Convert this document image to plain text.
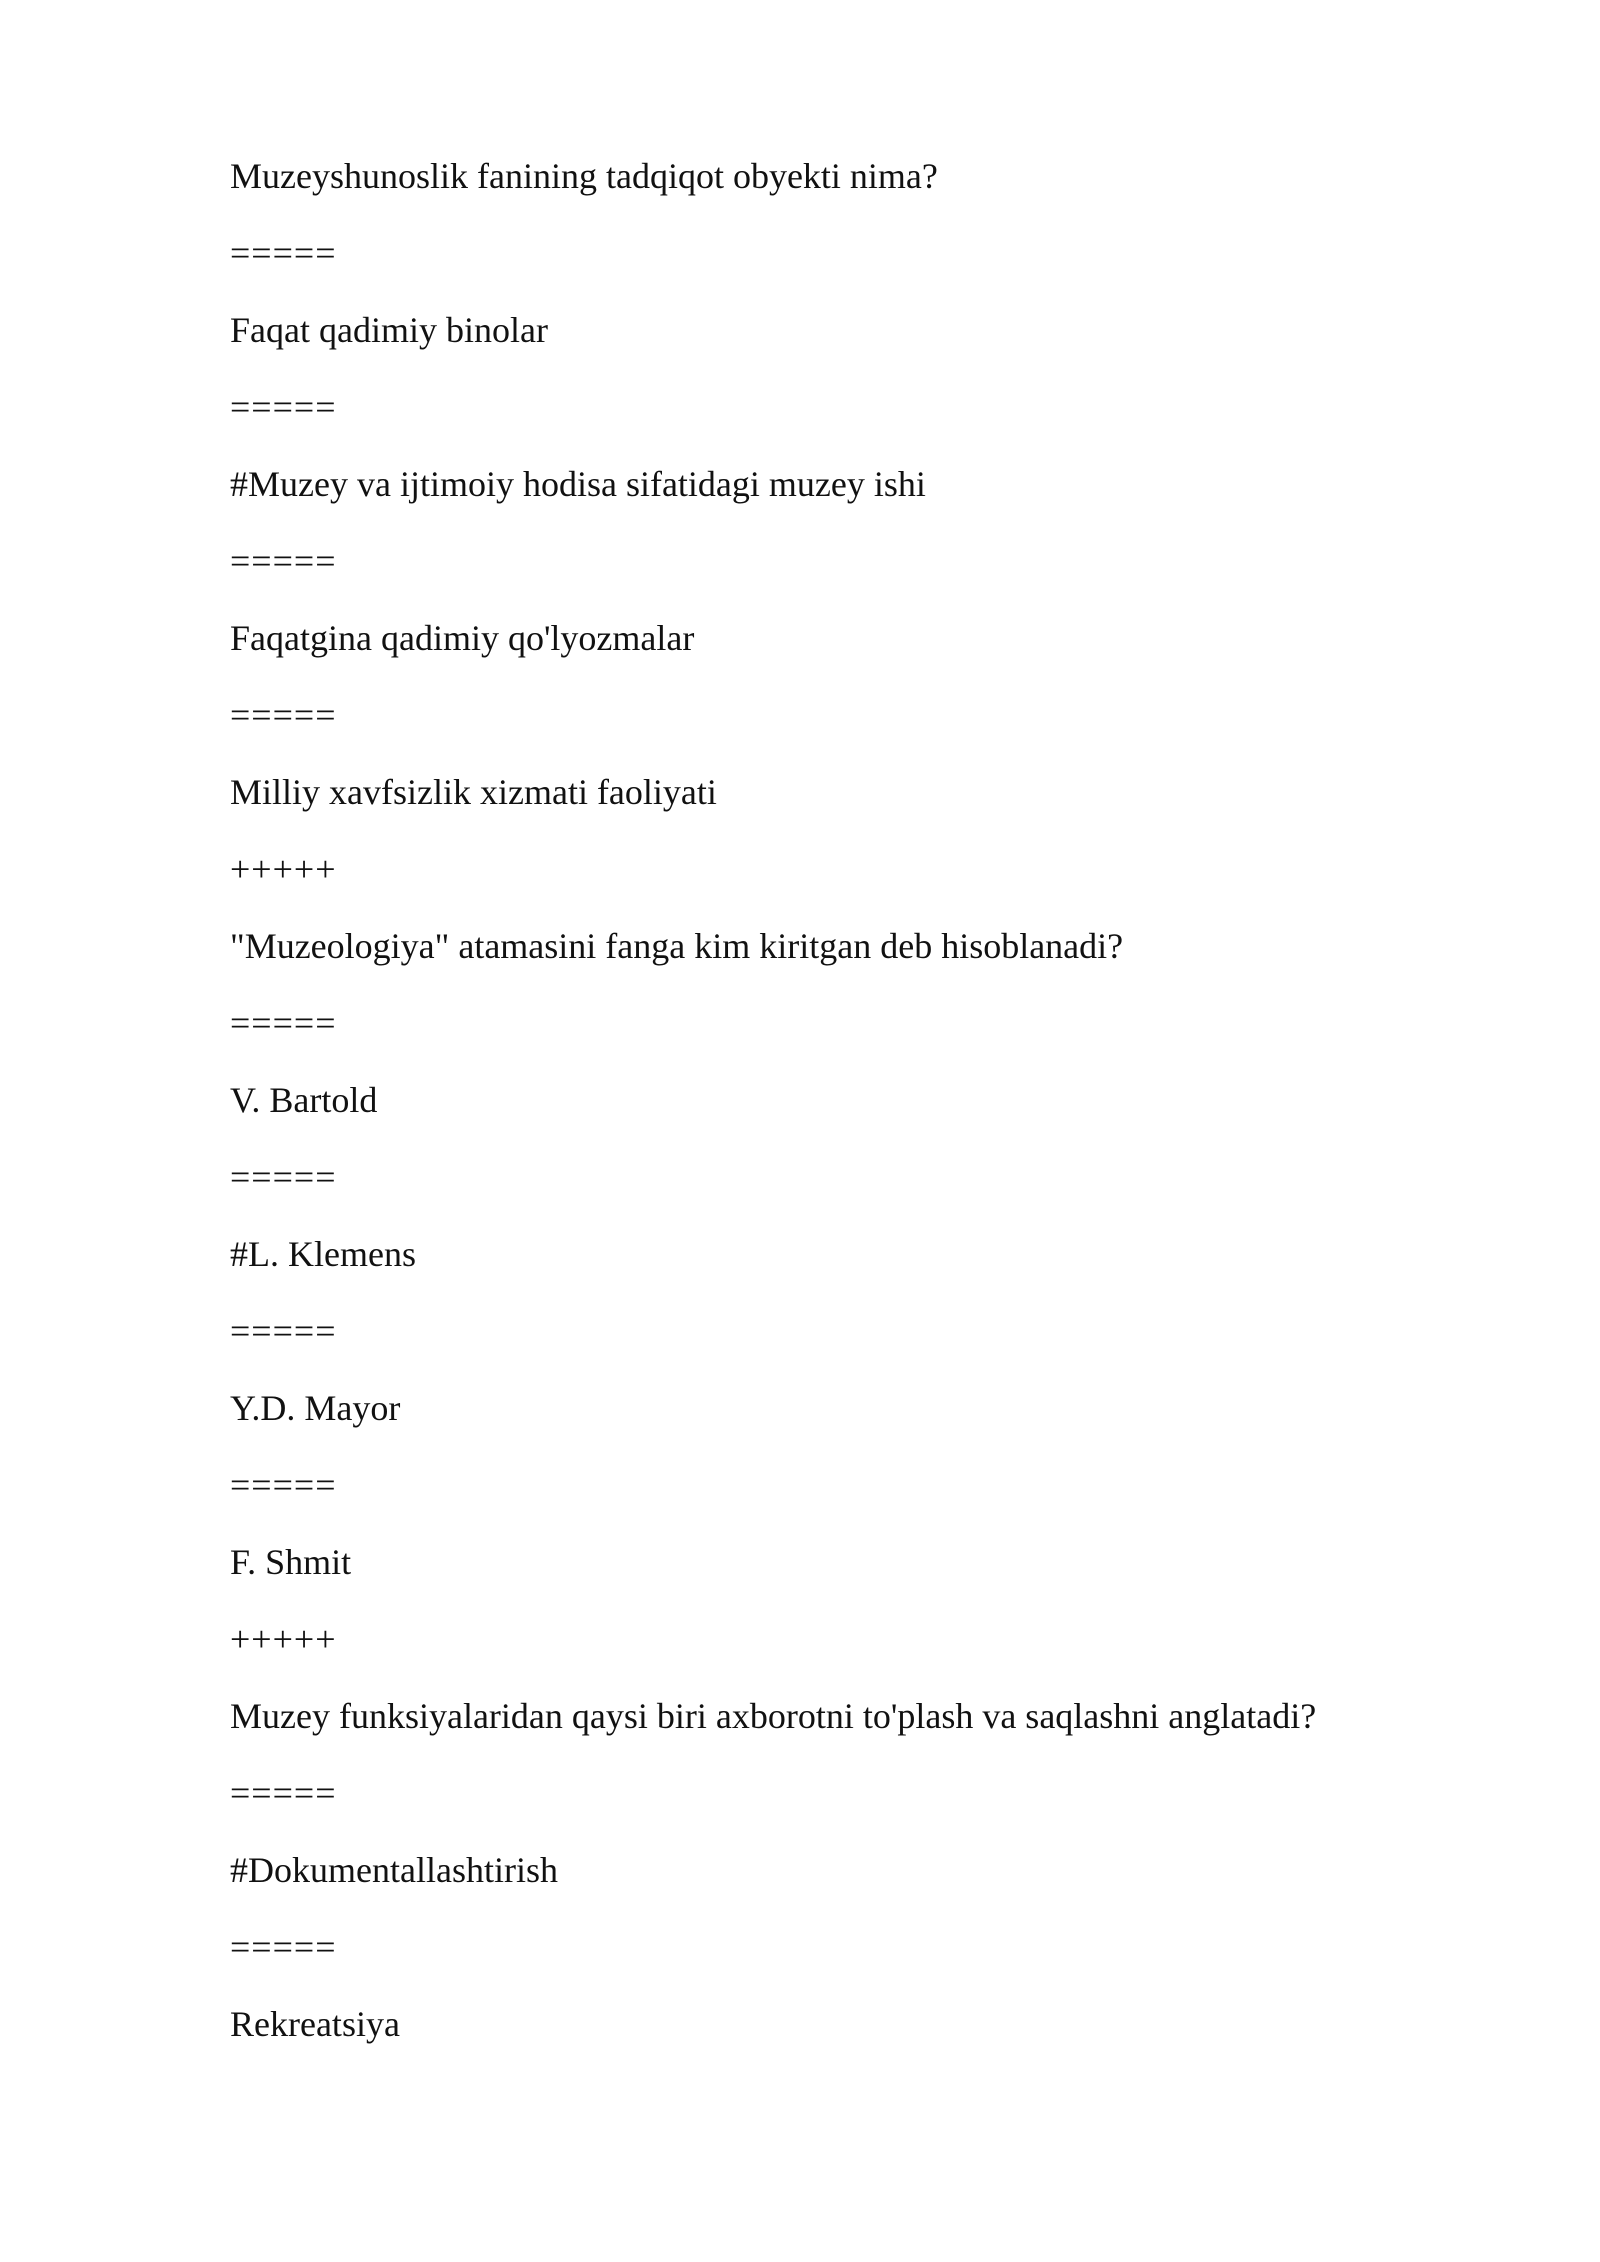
Muzeyshunoslik fanining tadqiqot obyekti nima?
=====
Faqat qadimiy binolar
=====
#Muzey va ijtimoiy hodisa sifatidagi muzey ishi
=====
Faqatgina qadimiy qo'lyozmalar
=====
Milliy xavfsizlik xizmati faoliyati
+++++
"Muzeologiya" atamasini fanga kim kiritgan deb hisoblanadi?
=====
V. Bartold
=====
#L. Klemens
=====
Y.D. Mayor
=====
F. Shmit
+++++
Muzey funksiyalaridan qaysi biri axborotni to'plash va saqlashni anglatadi?
=====
#Dokumentallashtirish
=====
Rekreatsiya
